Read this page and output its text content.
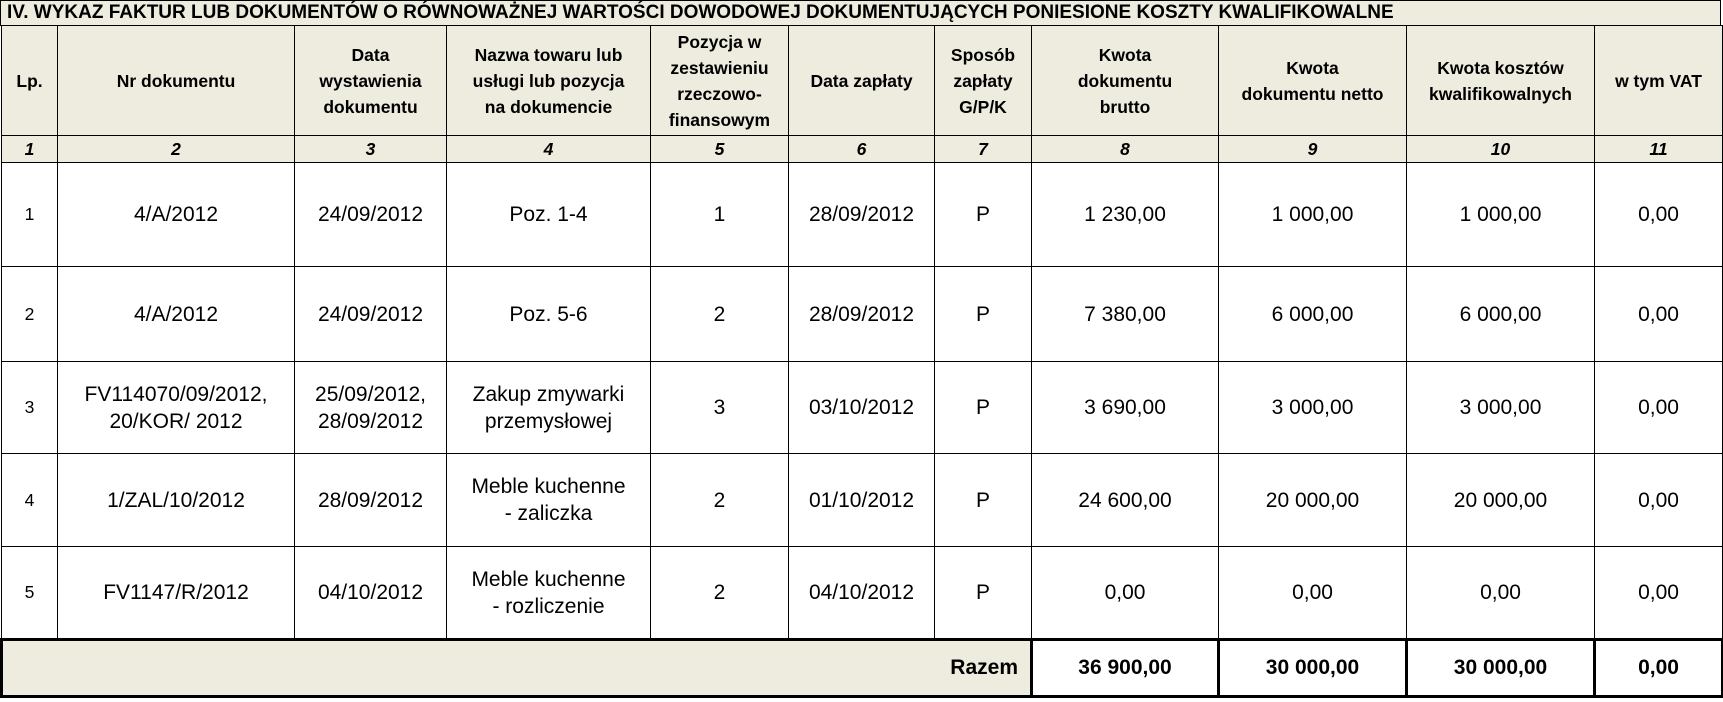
IV. WYKAZ FAKTUR LUB DOKUMENTÓW O RÓWNOWAŻNEJ WARTOŚCI DOWODOWEJ DOKUMENTUJĄCYCH PONIESIONE KOSZTY KWALIFIKOWALNE
Lp.	Nr dokumentu	Data
wystawienia
dokumentu	Nazwa towaru lub
usługi lub pozycja
na dokumencie	Pozycja w
zestawieniu
rzeczowo-
finansowym	Data zapłaty	Sposób
zapłaty
G/P/K	Kwota
dokumentu
brutto	Kwota
dokumentu netto	Kwota kosztów
kwalifikowalnych	w tym VAT

1	2	3	4	5	6	7	8	9	10	11
1	4/A/2012	24/09/2012	Poz. 1-4	1	28/09/2012	P	1 230,00	1 000,00	1 000,00	0,00
2	4/A/2012	24/09/2012	Poz. 5-6	2	28/09/2012	P	7 380,00	6 000,00	6 000,00	0,00
3	FV114070/09/2012,
20/KOR/ 2012	25/09/2012,
28/09/2012	Zakup zmywarki
przemysłowej	3	03/10/2012	P	3 690,00	3 000,00	3 000,00	0,00
4	1/ZAL/10/2012	28/09/2012	Meble kuchenne
- zaliczka	2	01/10/2012	P	24 600,00	20 000,00	20 000,00	0,00
5	FV1147/R/2012	04/10/2012	Meble kuchenne
- rozliczenie	2	04/10/2012	P	0,00	0,00	0,00	0,00
Razem							36 900,00	30 000,00	30 000,00	0,00
